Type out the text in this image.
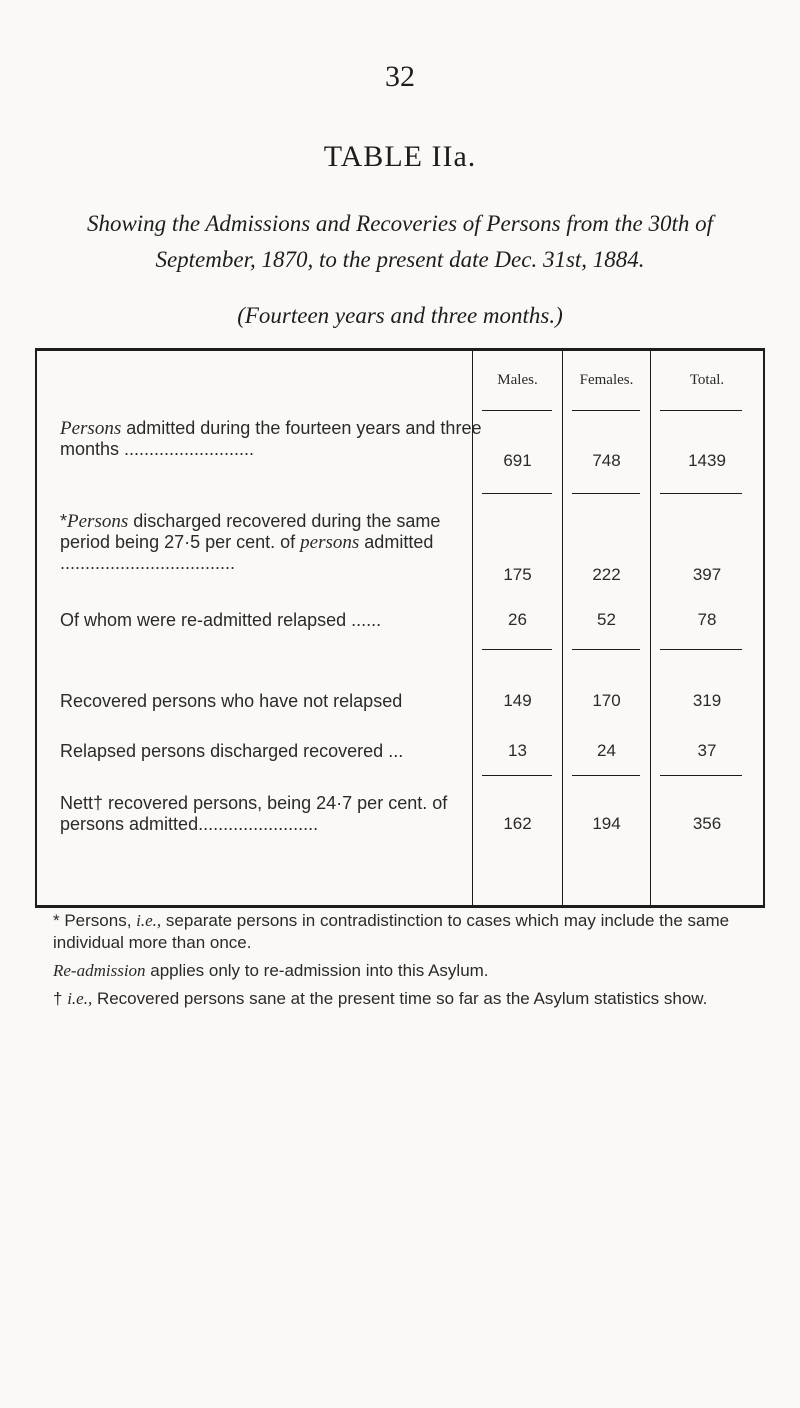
32
TABLE IIa.
Showing the Admissions and Recoveries of Persons from the 30th of September, 1870, to the present date Dec. 31st, 1884.
(Fourteen years and three months.)
Males.	Females.	Total.
Persons admitted during the fourteen years and three months ..........................
691	748	1439
*Persons discharged recovered during the same period being 27·5 per cent. of persons admitted ...................................
175	222	397
Of whom were re-admitted relapsed ......	26	52	78
Recovered persons who have not relapsed	149	170	319
Relapsed persons discharged recovered ...	13	24	37
Nett† recovered persons, being 24·7 per cent. of persons admitted........................	162	194	356

* Persons, i.e., separate persons in contradistinction to cases which may include the same individual more than once.

Re-admission applies only to re-admission into this Asylum.

† i.e., Recovered persons sane at the present time so far as the Asylum statistics show.
